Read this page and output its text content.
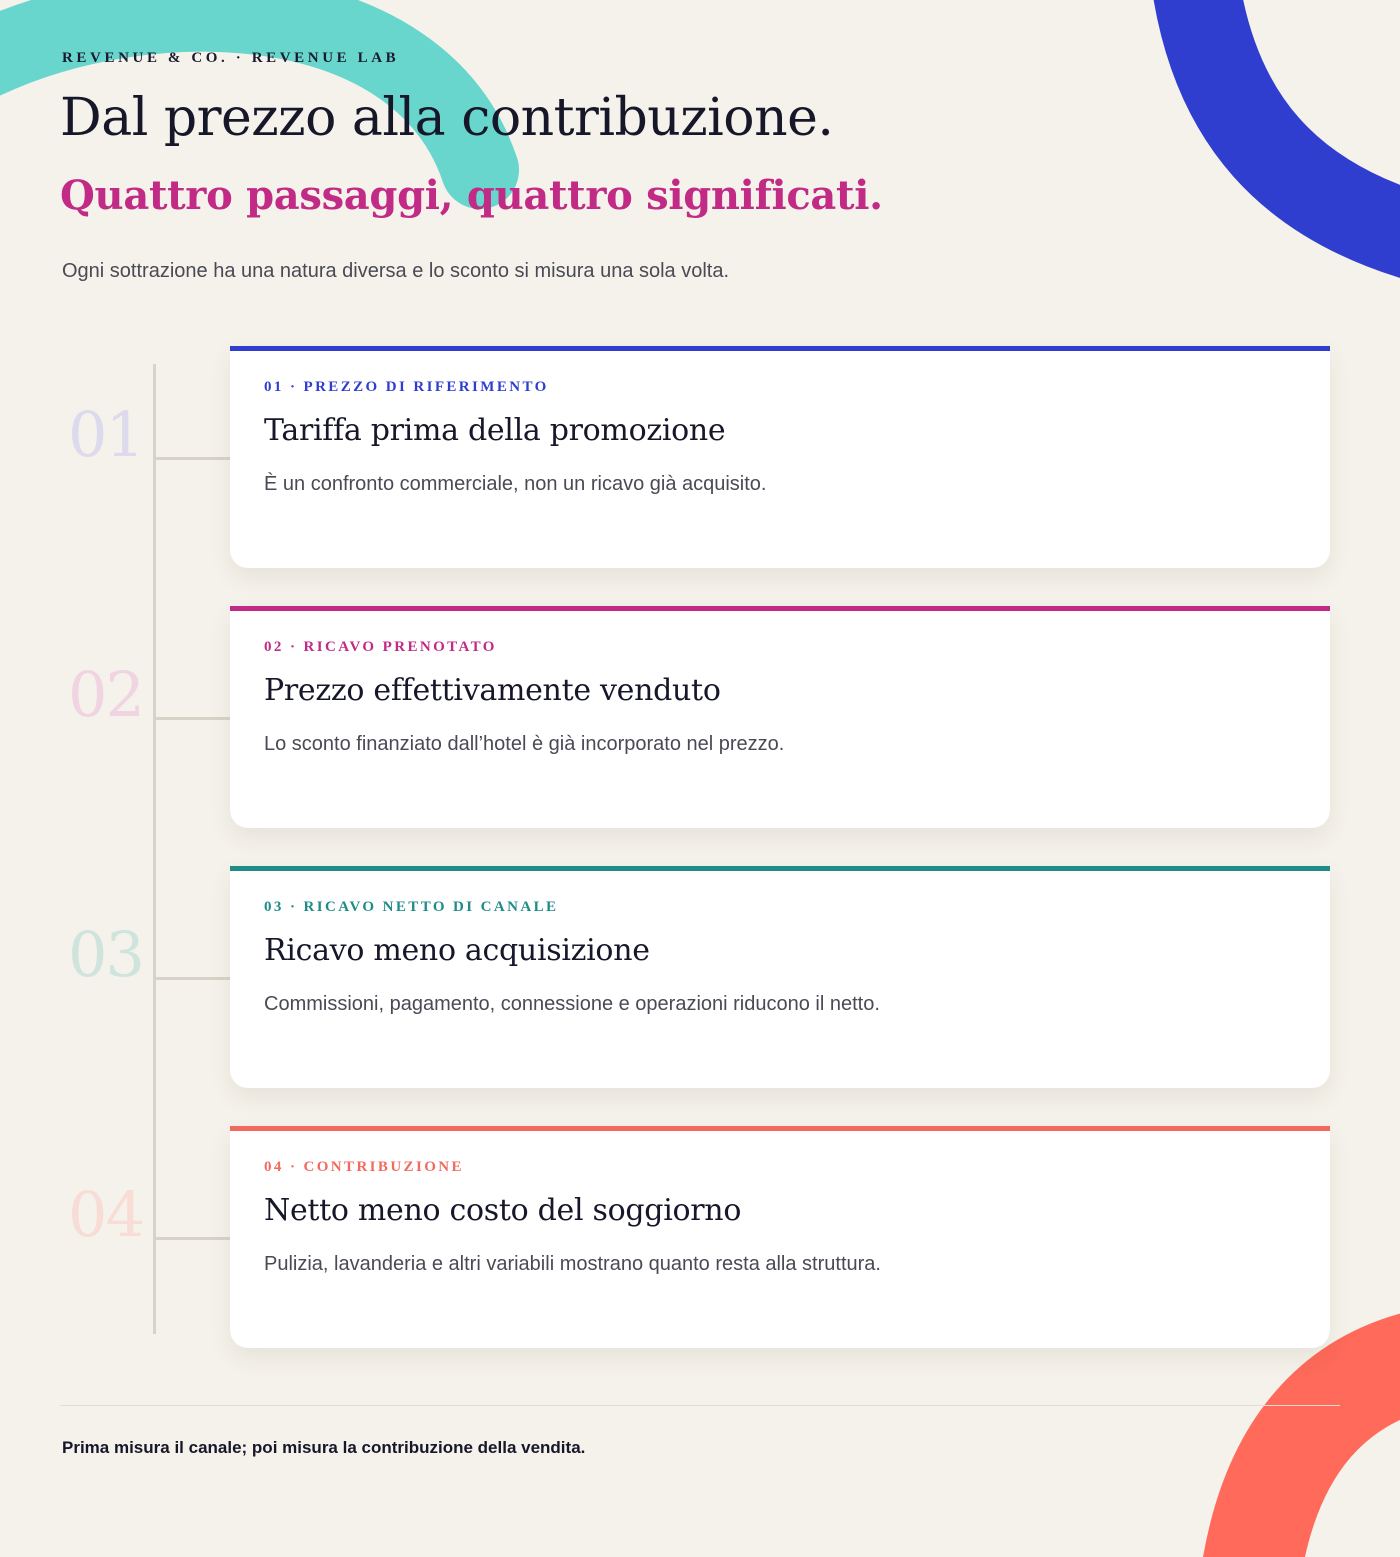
REVENUE & CO. · REVENUE LAB
Dal prezzo alla contribuzione.
Quattro passaggi, quattro significati.

Ogni sottrazione ha una natura diversa e lo sconto si misura una sola volta.

01
01 · PREZZO DI RIFERIMENTO
Tariffa prima della promozione
È un confronto commerciale, non un ricavo già acquisito.
02
02 · RICAVO PRENOTATO
Prezzo effettivamente venduto
Lo sconto finanziato dall’hotel è già incorporato nel prezzo.
03
03 · RICAVO NETTO DI CANALE
Ricavo meno acquisizione
Commissioni, pagamento, connessione e operazioni riducono il netto.
04
04 · CONTRIBUZIONE
Netto meno costo del soggiorno
Pulizia, lavanderia e altri variabili mostrano quanto resta alla struttura.

Prima misura il canale; poi misura la contribuzione della vendita.
